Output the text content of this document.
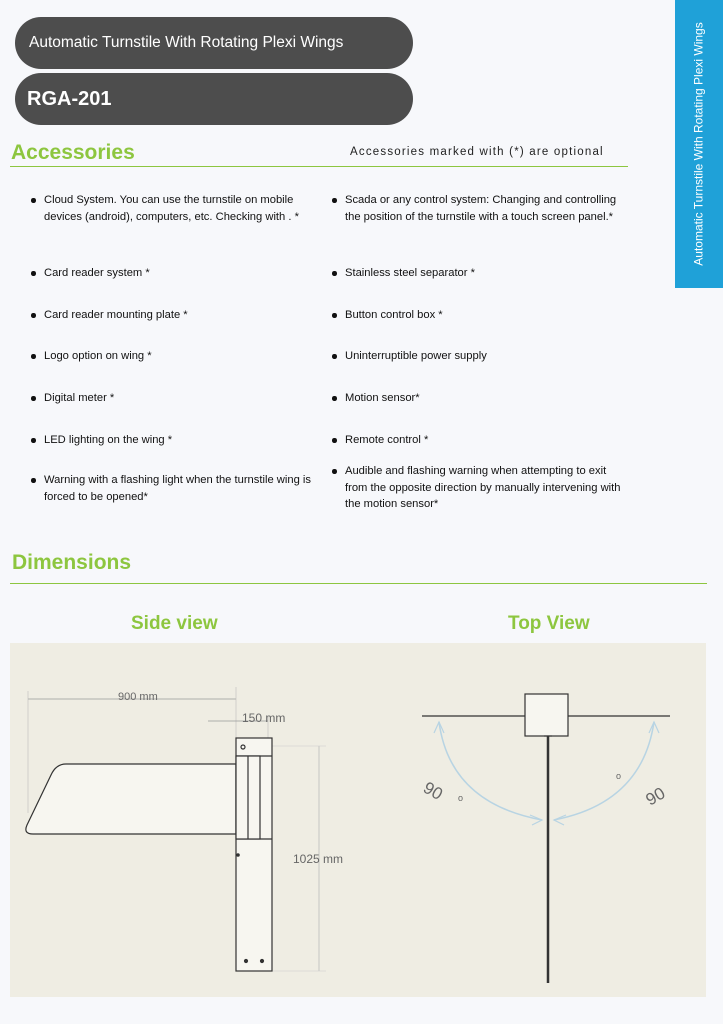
Automatic Turnstile With Rotating Plexi Wings
RGA-201	Automatic Turnstile With Rotating Plexi Wings
Accessories	Accessories marked with (*) are optional
Cloud System. You can use the turnstile on mobile devices (android), computers, etc. Checking with . *
Card reader system *
Card reader mounting plate *
Logo option on wing *
Digital meter *
LED lighting on the wing *
Warning with a flashing light when the turnstile wing is forced to be opened*
Scada or any control system: Changing and controlling the position of the turnstile with a touch screen panel.*
Stainless steel separator *
Button control box *
Uninterruptible power supply
Motion sensor*
Remote control *
Audible and flashing warning when attempting to exit from the opposite direction by manually intervening with the motion sensor*
Dimensions
Side view	Top View
900 mm
150 mm
1025 mm
90 o	90
o
